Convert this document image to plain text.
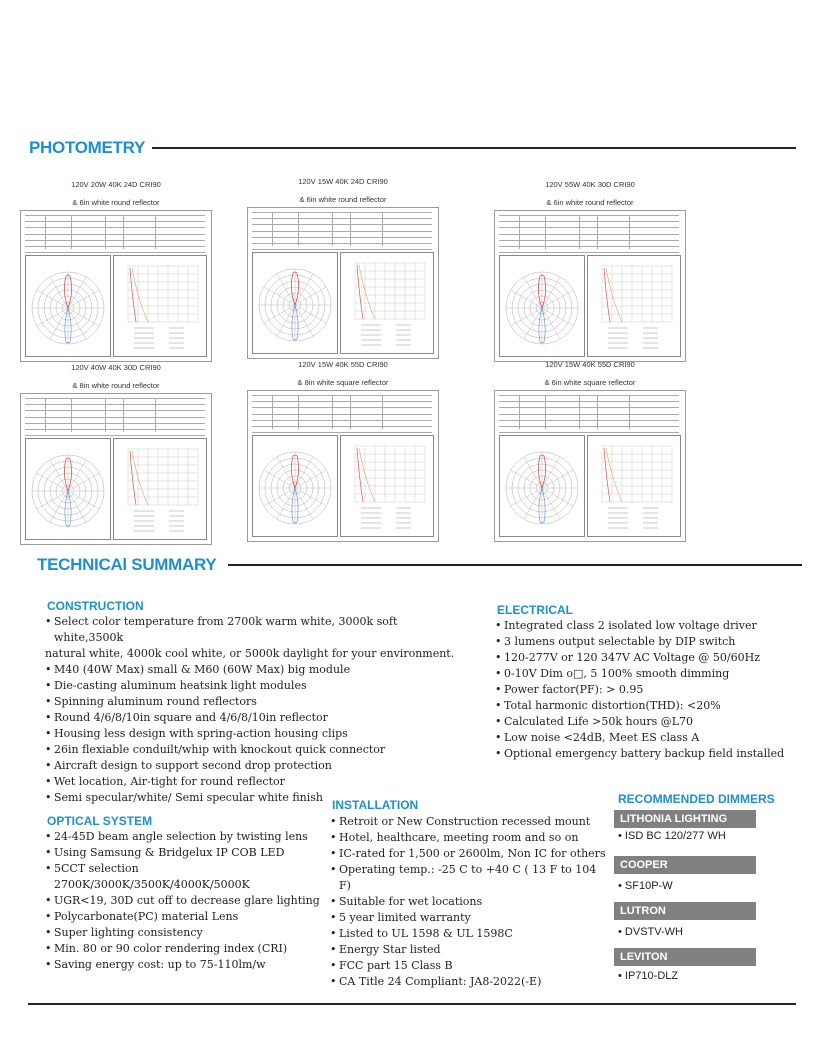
PHOTOMETRY
120V 20W 40K 24D CRI90
& 6in white round reflector
120V 15W 40K 24D CRI90
& 6in white round reflector
120V 55W 40K 30D CRI90
& 6in white round reflector
120V 40W 40K 30D CRI90
& 8in white round reflector
120V 15W 40K 55D CRI90
& 8in white square reflector
120V 15W 40K 55D CRI90
& 6in white square reflector
TECHNICAl SUMMARY
CONSTRUCTION
• Select color temperature from 2700k warm white, 3000k soft white,3500k
natural white, 4000k cool white, or 5000k daylight for your environment.
• M40 (40W Max) small & M60 (60W Max) big module
• Die-casting aluminum heatsink light modules
• Spinning aluminum round reflectors
• Round 4/6/8/10in square and 4/6/8/10in reflector
• Housing less design with spring-action housing clips
• 26in flexiable conduilt/whip with knockout quick connector
• Aircraft design to support second drop protection
• Wet location, Air-tight for round reflector
• Semi specular/white/ Semi specular white finish
ELECTRICAL
• Integrated class 2 isolated low voltage driver
• 3 lumens output selectable by DIP switch
• 120-277V or 120 347V AC Voltage @ 50/60Hz
• 0-10V Dim o□, 5 100% smooth dimming
• Power factor(PF): > 0.95
• Total harmonic distortion(THD): <20%
• Calculated Life >50k hours @L70
• Low noise <24dB, Meet ES class A
• Optional emergency battery backup field installed
OPTICAL SYSTEM
• 24-45D beam angle selection by twisting lens
• Using Samsung & Bridgelux IP COB LED
• 5CCT selection 2700K/3000K/3500K/4000K/5000K
• UGR<19, 30D cut off to decrease glare lighting
• Polycarbonate(PC) material Lens
• Super lighting consistency
• Min. 80 or 90 color rendering index (CRI)
• Saving energy cost: up to 75-110lm/w
INSTALLATION
• Retroit or New Construction recessed mount
• Hotel, healthcare, meeting room and so on
• IC-rated for 1,500 or 2600lm, Non IC for others
• Operating temp.: -25 C to +40 C ( 13 F to 104 F)
• Suitable for wet locations
• 5 year limited warranty
• Listed to UL 1598 & UL 1598C
• Energy Star listed
• FCC part 15 Class B
• CA Title 24 Compliant: JA8-2022(-E)
RECOMMENDED DIMMERS
LITHONIA LIGHTING
• ISD BC 120/277 WH
COOPER
• SF10P-W
LUTRON
• DVSTV-WH
LEVITON
• IP710-DLZ
